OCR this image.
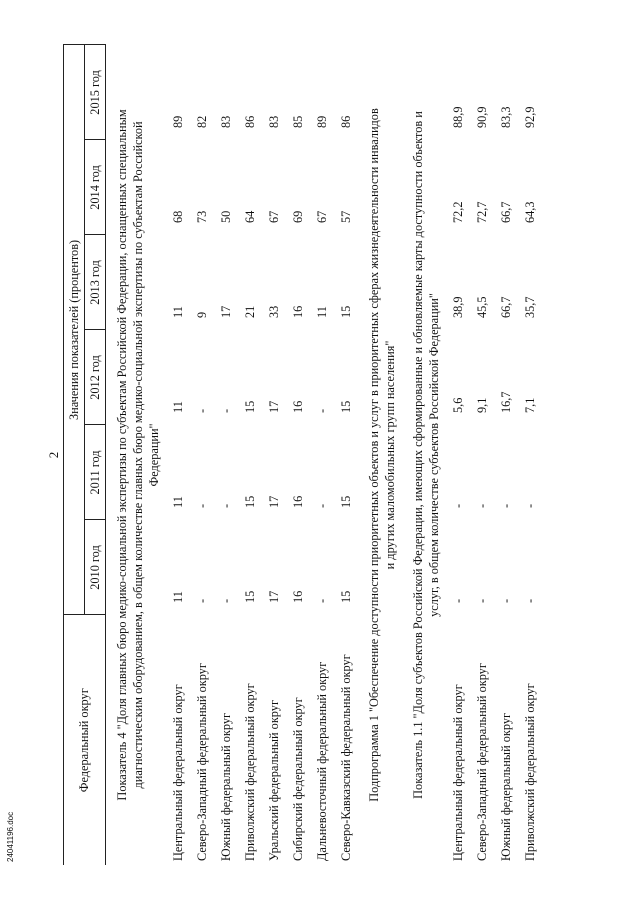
24041196.doc
2
Федеральный округ	Значения показателей (процентов)					
	2010 год	2011 год	2012 год	2013 год	2014 год	2015 год
Показатель 4 "Доля главных бюро медико-социальной экспертизы по субъектам Российской Федерации, оснащенных специальным диагностическим оборудованием, в общем количестве главных бюро медико-социальной экспертизы по субъектам Российской Федерации"						
Центральный федеральный округ	11	11	11	11	68	89
Северо-Западный федеральный округ	-	-	-	9	73	82
Южный федеральный округ	-	-	-	17	50	83
Приволжский федеральный округ	15	15	15	21	64	86
Уральский федеральный округ	17	17	17	33	67	83
Сибирский федеральный округ	16	16	16	16	69	85
Дальневосточный федеральный округ	-	-	-	11	67	89
Северо-Кавказский федеральный округ	15	15	15	15	57	86
Подпрограмма 1 "Обеспечение доступности приоритетных объектов и услуг в приоритетных сферах жизнедеятельности инвалидов и других маломобильных групп населения"						
Показатель 1.1 "Доля субъектов Российской Федерации, имеющих сформированные и обновляемые карты доступности объектов и услуг, в общем количестве субъектов Российской Федерации"						
Центральный федеральный округ	-	-	5,6	38,9	72,2	88,9
Северо-Западный федеральный округ	-	-	9,1	45,5	72,7	90,9
Южный федеральный округ	-	-	16,7	66,7	66,7	83,3
Приволжский федеральный округ	-	-	7,1	35,7	64,3	92,9
